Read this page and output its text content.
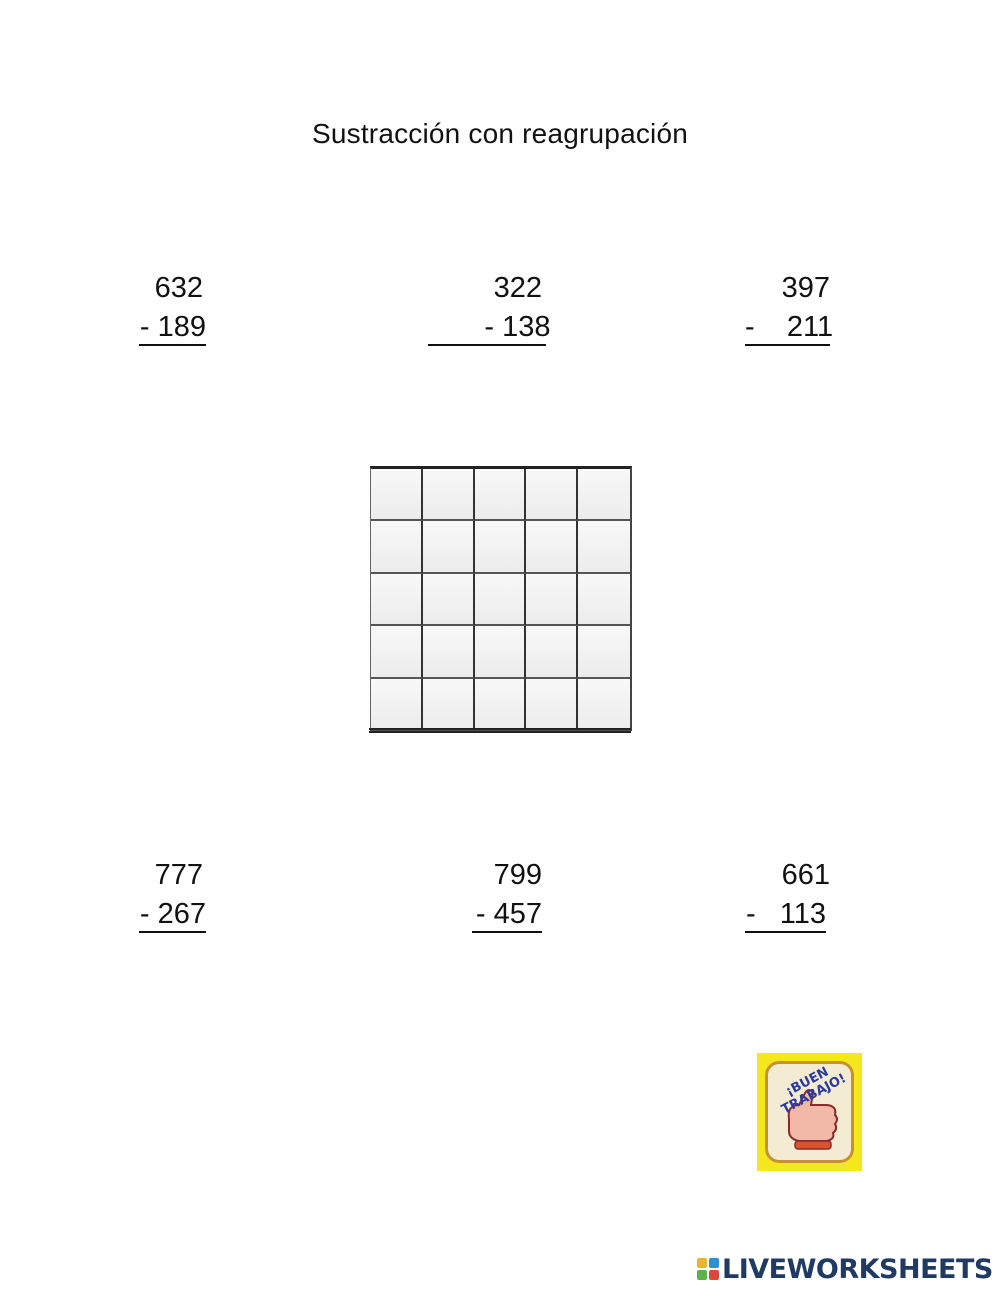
Sustracción con reagrupación
632
- 189
322
- 138
397
-    211
777
- 267
799
- 457
661
-   113
¡BUEN TRABAJO!
LIVEWORKSHEETS
